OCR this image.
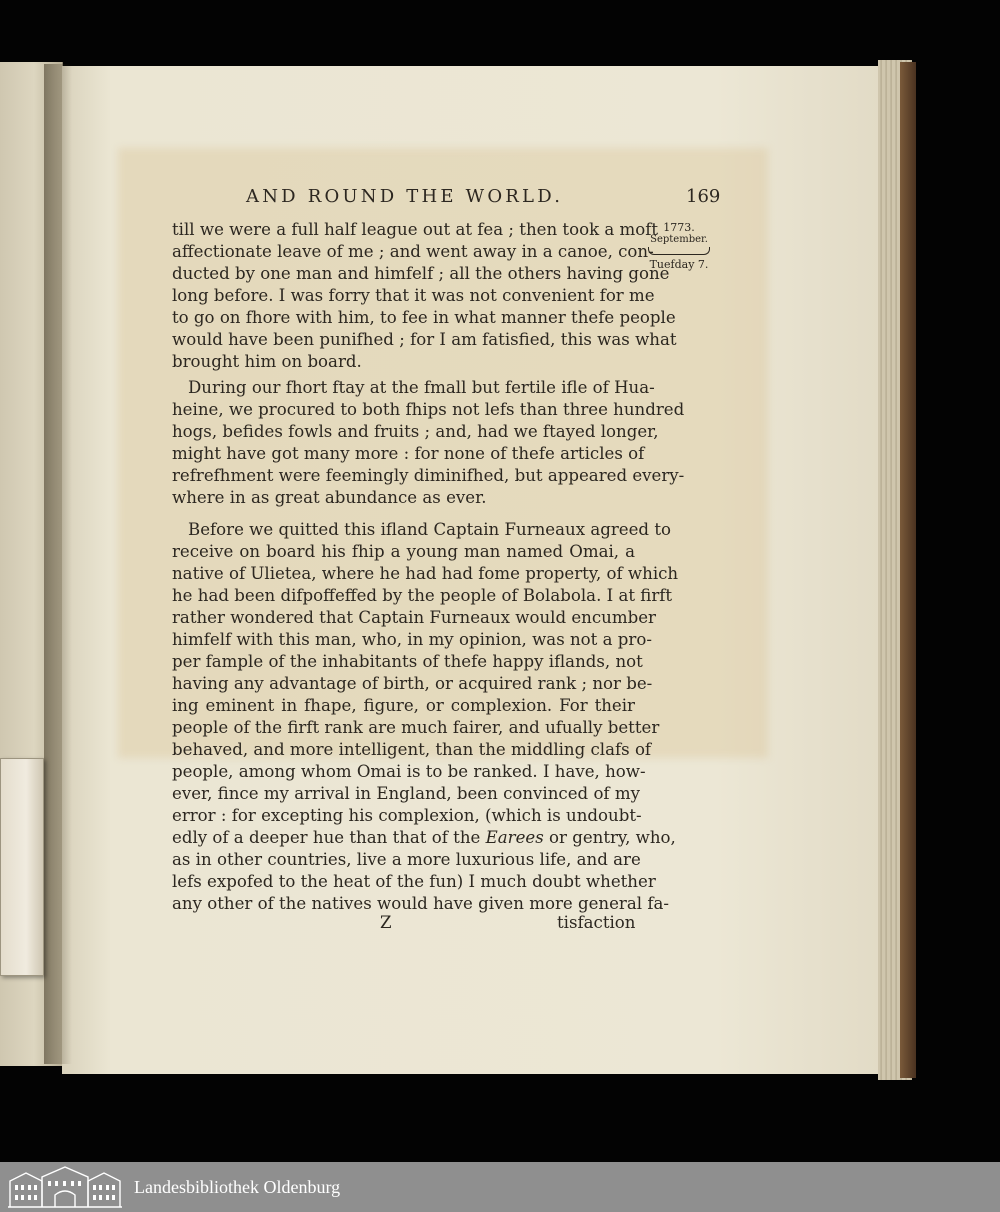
AND ROUND THE WORLD.	169
1773.
September.
Tuefday 7.
till we were a full half league out at fea ; then took a moft
affectionate leave of me ; and went away in a canoe, con-
ducted by one man and himfelf ; all the others having gone
long before. I was forry that it was not convenient for me
to go on fhore with him, to fee in what manner thefe people
would have been punifhed ; for I am fatisfied, this was what
brought him on board.
During our fhort ftay at the fmall but fertile ifle of Hua-
heine, we procured to both fhips not lefs than three hundred
hogs, befides fowls and fruits ; and, had we ftayed longer,
might have got many more : for none of thefe articles of
refrefhment were feemingly diminifhed, but appeared every-
where in as great abundance as ever.
Before we quitted this ifland Captain Furneaux agreed to
receive on board his fhip a young man named Omai, a
native of Ulietea, where he had had fome property, of which
he had been difpoffeffed by the people of Bolabola. I at firft
rather wondered that Captain Furneaux would encumber
himfelf with this man, who, in my opinion, was not a pro-
per fample of the inhabitants of thefe happy iflands, not
having any advantage of birth, or acquired rank ; nor be-
ing eminent in fhape, figure, or complexion. For their
people of the firft rank are much fairer, and ufually better
behaved, and more intelligent, than the middling clafs of
people, among whom Omai is to be ranked. I have, how-
ever, fince my arrival in England, been convinced of my
error : for excepting his complexion, (which is undoubt-
edly of a deeper hue than that of the Earees or gentry, who,
as in other countries, live a more luxurious life, and are
lefs expofed to the heat of the fun) I much doubt whether
any other of the natives would have given more general fa-
Z	tisfaction
Landesbibliothek Oldenburg
